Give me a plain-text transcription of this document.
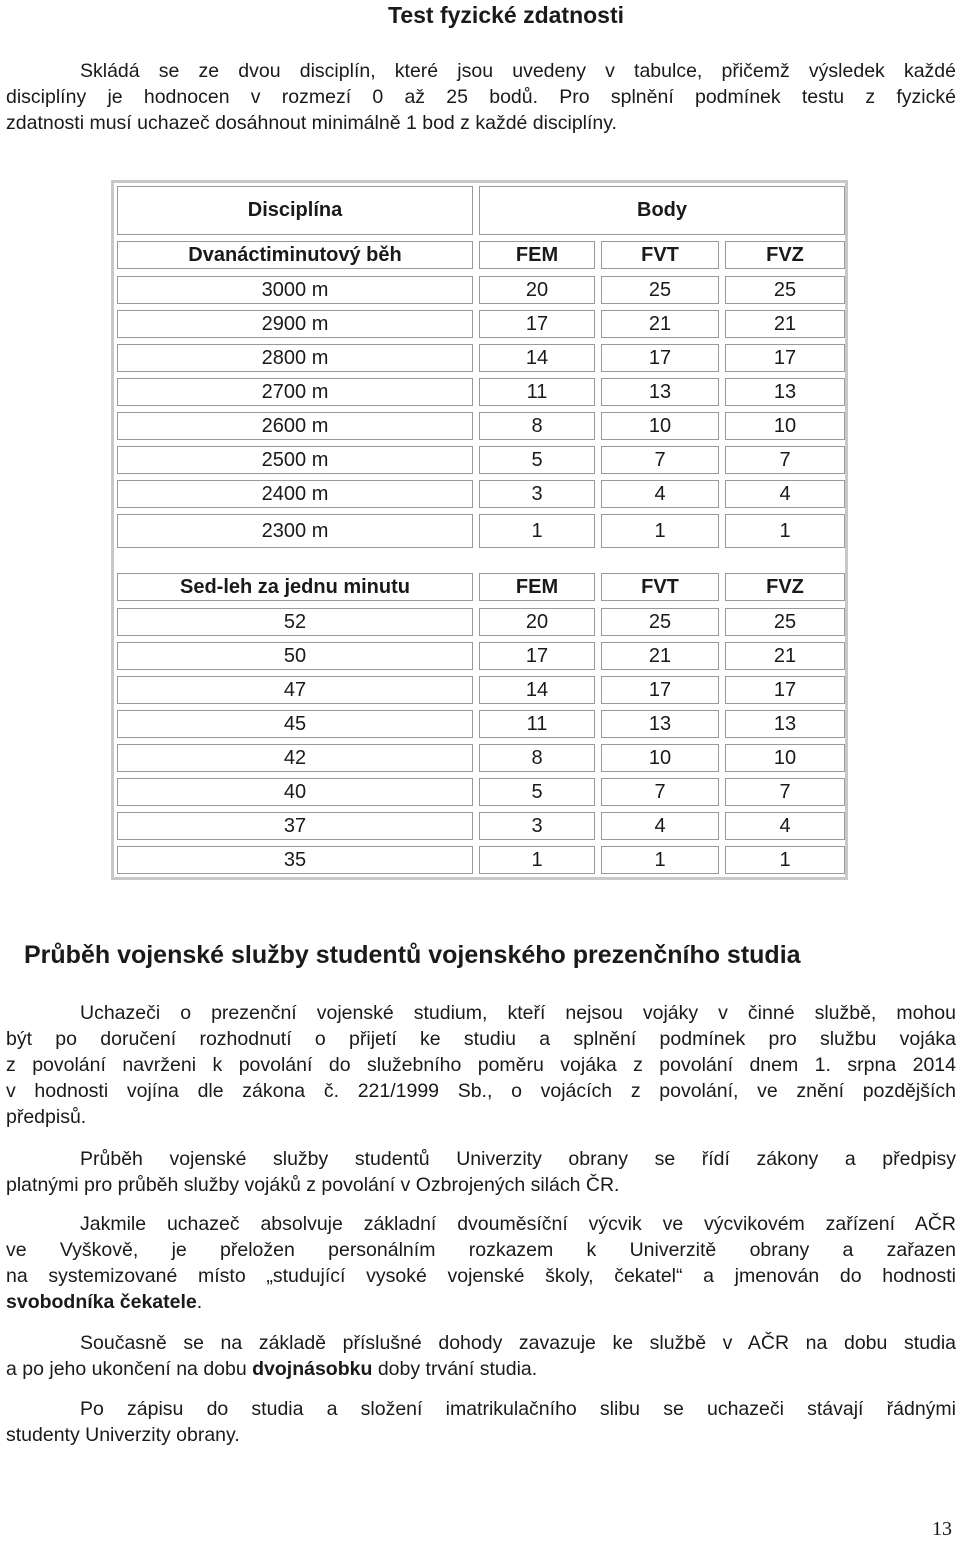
Test fyzické zdatnosti

Skládá se ze dvou disciplín, které jsou uvedeny v tabulce, přičemž výsledek každé
disciplíny je hodnocen v rozmezí 0 až 25 bodů. Pro splnění podmínek testu z fyzické
zdatnosti musí uchazeč dosáhnout minimálně 1 bod z každé disciplíny.

Disciplína	Body
Dvanáctiminutový běh	FEM	FVT	FVZ
3000 m	20	25	25
2900 m	17	21	21
2800 m	14	17	17
2700 m	11	13	13
2600 m	8	10	10
2500 m	5	7	7
2400 m	3	4	4
2300 m	1	1	1
Sed-leh za jednu minutu	FEM	FVT	FVZ
52	20	25	25
50	17	21	21
47	14	17	17
45	11	13	13
42	8	10	10
40	5	7	7
37	3	4	4
35	1	1	1
Průběh vojenské služby studentů vojenského prezenčního studia

Uchazeči o prezenční vojenské studium, kteří nejsou vojáky v činné službě, mohou
být po doručení rozhodnutí o přijetí ke studiu a splnění podmínek pro službu vojáka
z povolání navrženi k povolání do služebního poměru vojáka z povolání dnem 1. srpna 2014
v hodnosti vojína dle zákona č. 221/1999 Sb., o vojácích z povolání, ve znění pozdějších
předpisů.

Průběh vojenské služby studentů Univerzity obrany se řídí zákony a předpisy
platnými pro průběh služby vojáků z povolání v Ozbrojených silách ČR.

Jakmile uchazeč absolvuje základní dvouměsíční výcvik ve výcvikovém zařízení AČR
ve Vyškově, je přeložen personálním rozkazem k Univerzitě obrany a zařazen
na systemizované místo „studující vysoké vojenské školy, čekatel“ a jmenován do hodnosti
svobodníka čekatele.

Současně se na základě příslušné dohody zavazuje ke službě v AČR na dobu studia
a po jeho ukončení na dobu dvojnásobku doby trvání studia.

Po zápisu do studia a složení imatrikulačního slibu se uchazeči stávají řádnými
studenty Univerzity obrany.

13
